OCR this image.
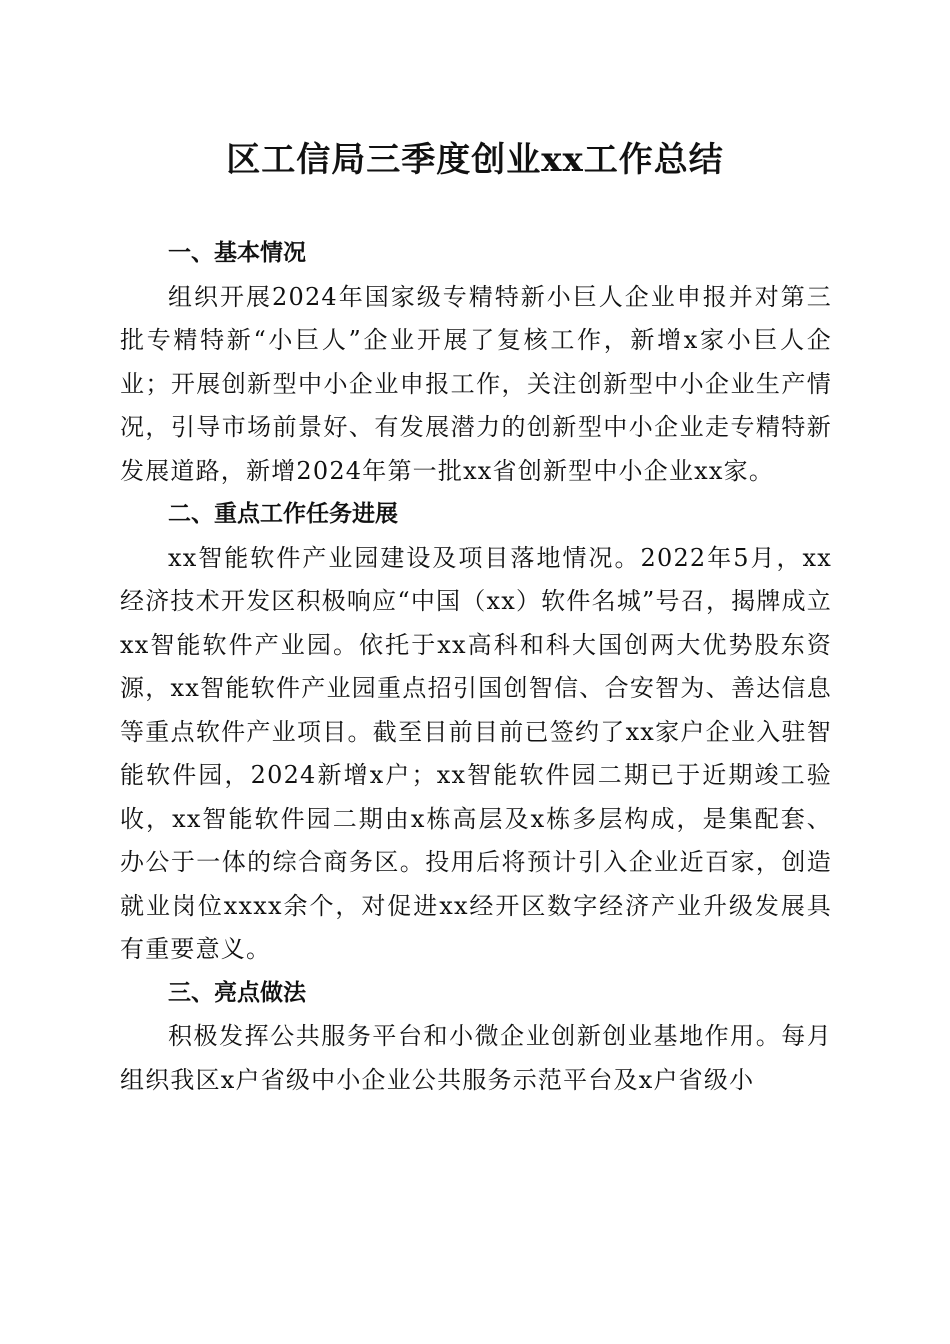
区工信局三季度创业xx工作总结

一、基本情况

组织开展2024年国家级专精特新小巨人企业申报并对第三批专精特新“小巨人”企业开展了复核工作，新增x家小巨人企业；开展创新型中小企业申报工作，关注创新型中小企业生产情况，引导市场前景好、有发展潜力的创新型中小企业走专精特新发展道路，新增2024年第一批xx省创新型中小企业xx家。

二、重点工作任务进展

xx智能软件产业园建设及项目落地情况。2022年5月，xx经济技术开发区积极响应“中国（xx）软件名城”号召，揭牌成立xx智能软件产业园。依托于xx高科和科大国创两大优势股东资源，xx智能软件产业园重点招引国创智信、合安智为、善达信息等重点软件产业项目。截至目前目前已签约了xx家户企业入驻智能软件园，2024新增x户；xx智能软件园二期已于近期竣工验收，xx智能软件园二期由x栋高层及x栋多层构成，是集配套、办公于一体的综合商务区。投用后将预计引入企业近百家，创造就业岗位xxxx余个，对促进xx经开区数字经济产业升级发展具有重要意义。

三、亮点做法

积极发挥公共服务平台和小微企业创新创业基地作用。每月组织我区x户省级中小企业公共服务示范平台及x户省级小
